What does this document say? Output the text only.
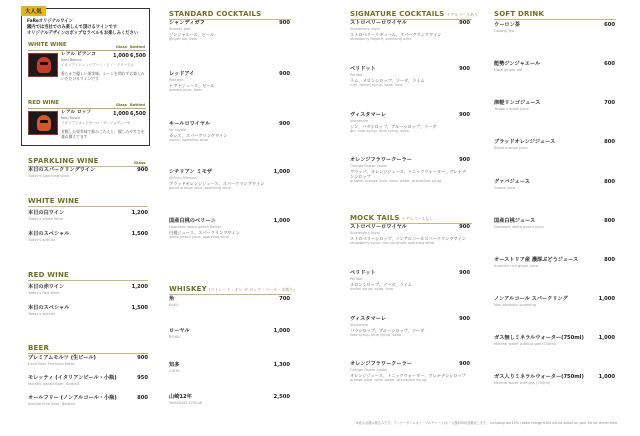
大人気
FaReオリジナルワイン
國内では当社でのみ楽しんで頂けるワインです
オリジナルデザインのボップなラベルもお楽しみください
WHITE WINE	Glass Bottled
レアル ビアンコ
Real Bianco
イタリア / トレッビアーノ・ピノ・グリージョ
香らかで優しい果実味、シーンを問わずお楽しみいただけるワインです
1,000 6,500
RED WINE	Glass Bottled
レアル ロッソ
Real Rosso
イタリア / ネッビオーロ・サンジョヴェーゼ
芳醇した果実味で飲みごたえと、親しみやすさを兼ね備えてます
1,000 6,500
SPARKLING WINE	Glass
本日のスパークリングワイン
Today's Sparkling Wine
900
WHITE WINE
本日の白ワイン
Today's White Wine
1,200
本日のスペシャル
Today's special
1,500
RED WINE
本日の赤ワイン
Today's Red Wine
1,200
本日のスペシャル
Today's special
1,500
BEER
プレミアムモルツ (生ビール)
Draft Beer Premium Malts
900
モレッティ (イタリアンビール・小瓶)
Moretti, Italian Beer, Bottled
950
オールフリー (ノンアルコール・小瓶)
Alcohol-Free Beer, Bottled
800
STANDARD COCKTAILS
シャンディガフ
Shandy gaff
ジンジャエール、ビール
ginger ale, beer
900
レッドアイ
Red eye
トマトジュース、ビール
tomato juice, beer
900
キールロワイヤル
Kir royale
カシス、スパークリングワイン
cassis, sparkling wine
900
シチリアン ミモザ
Sicilian Mimosa
ブラッドオレンジジュース、スパークリングワイン
blood orange juice, sparkling wine
1,000
国産白桃のベリーニ
Domestic white peach Bellini
白桃ジュース、スパークリングワイン
white peach juice, sparkling wine
1,000
WHISKEY (ストレート・オン ザ ロック・ソーダ・水割り)
角
KAKU
700
ローヤル
ROYAL
1,000
知多
CHITA
1,300
山崎12年
YAMAZAKI 12YEAR
2,500
SIGNATURE COCKTAILS ＊アルコールあり
ストロベリーロワイヤル
Strawberry royal
ストロベリーリキュール、スパークリングワイン
strawberry liqueur, sparkling wine
900
ペリドット
Peridot
ラム、メロンシロップ、ソーダ、ライム
rum, melon syrup, soda, lime
900
ヴィスタマーレ
Vistamare
ジン、バタシロップ、ブルーシロップ、ソーダ
gin, rose syrup, blue syrup, soda
900
オレンジフラワークーラー
Orange flower cooler
グラッパ、オレンジジュース、トニックウォーター、グレナデンシロップ
grappa, orange juice, tonic water, grenadine syrup
900
MOCK TAILS ＊アルコールなし
ストロベリーロワイヤル
Strawberry royal
ストロベリーシロップ、ノンアルコールスパークリングワイン
strawberry syrup, non-alcoholic sparkling wine
900
ペリドット
Peridot
メロンシロップ、ソーダ、ライム
melon syrup, soda, lime
900
ヴィスタマーレ
Vistamare
バラシロップ、ブルーシロップ、ソーダ
rose syrup, blue syrup, soda
900
オレンジフラワークーラー
Orange flower cooler
オレンジジュース、トニックウォーター、グレナデンシロップ
orange juice, tonic water, grenadine syrup
900
SOFT DRINK
ウーロン茶
Oolong Tea
600
能勢ジンジャエール
Nose ginger ale
600
津軽リンゴジュース
Tsugaru apple juice
700
ブラッドオレンジジュース
Blood orange juice
800
グァバジュース
Guava juice
800
国産白桃ジュース
Domestic white peach juice
800
オーストリア産 濃厚ぶどうジュース
Austrian rich grape juice
800
ノンアルコール スパークリング
Non-alcoholic sparkling
1,000
ガス無しミネラルウォーター(750ml)
Mineral water without gas (750ml)
1,000
ガス入りミネラルウォーター(750ml)
Mineral water with gas (750ml)
1,000
※表示金額は税込みです。ディナータイムはテーブルチャージ(お一人様¥300)頂戴致します。 including tax 10% / table charge ¥300 will be added on your bill for dinner time
